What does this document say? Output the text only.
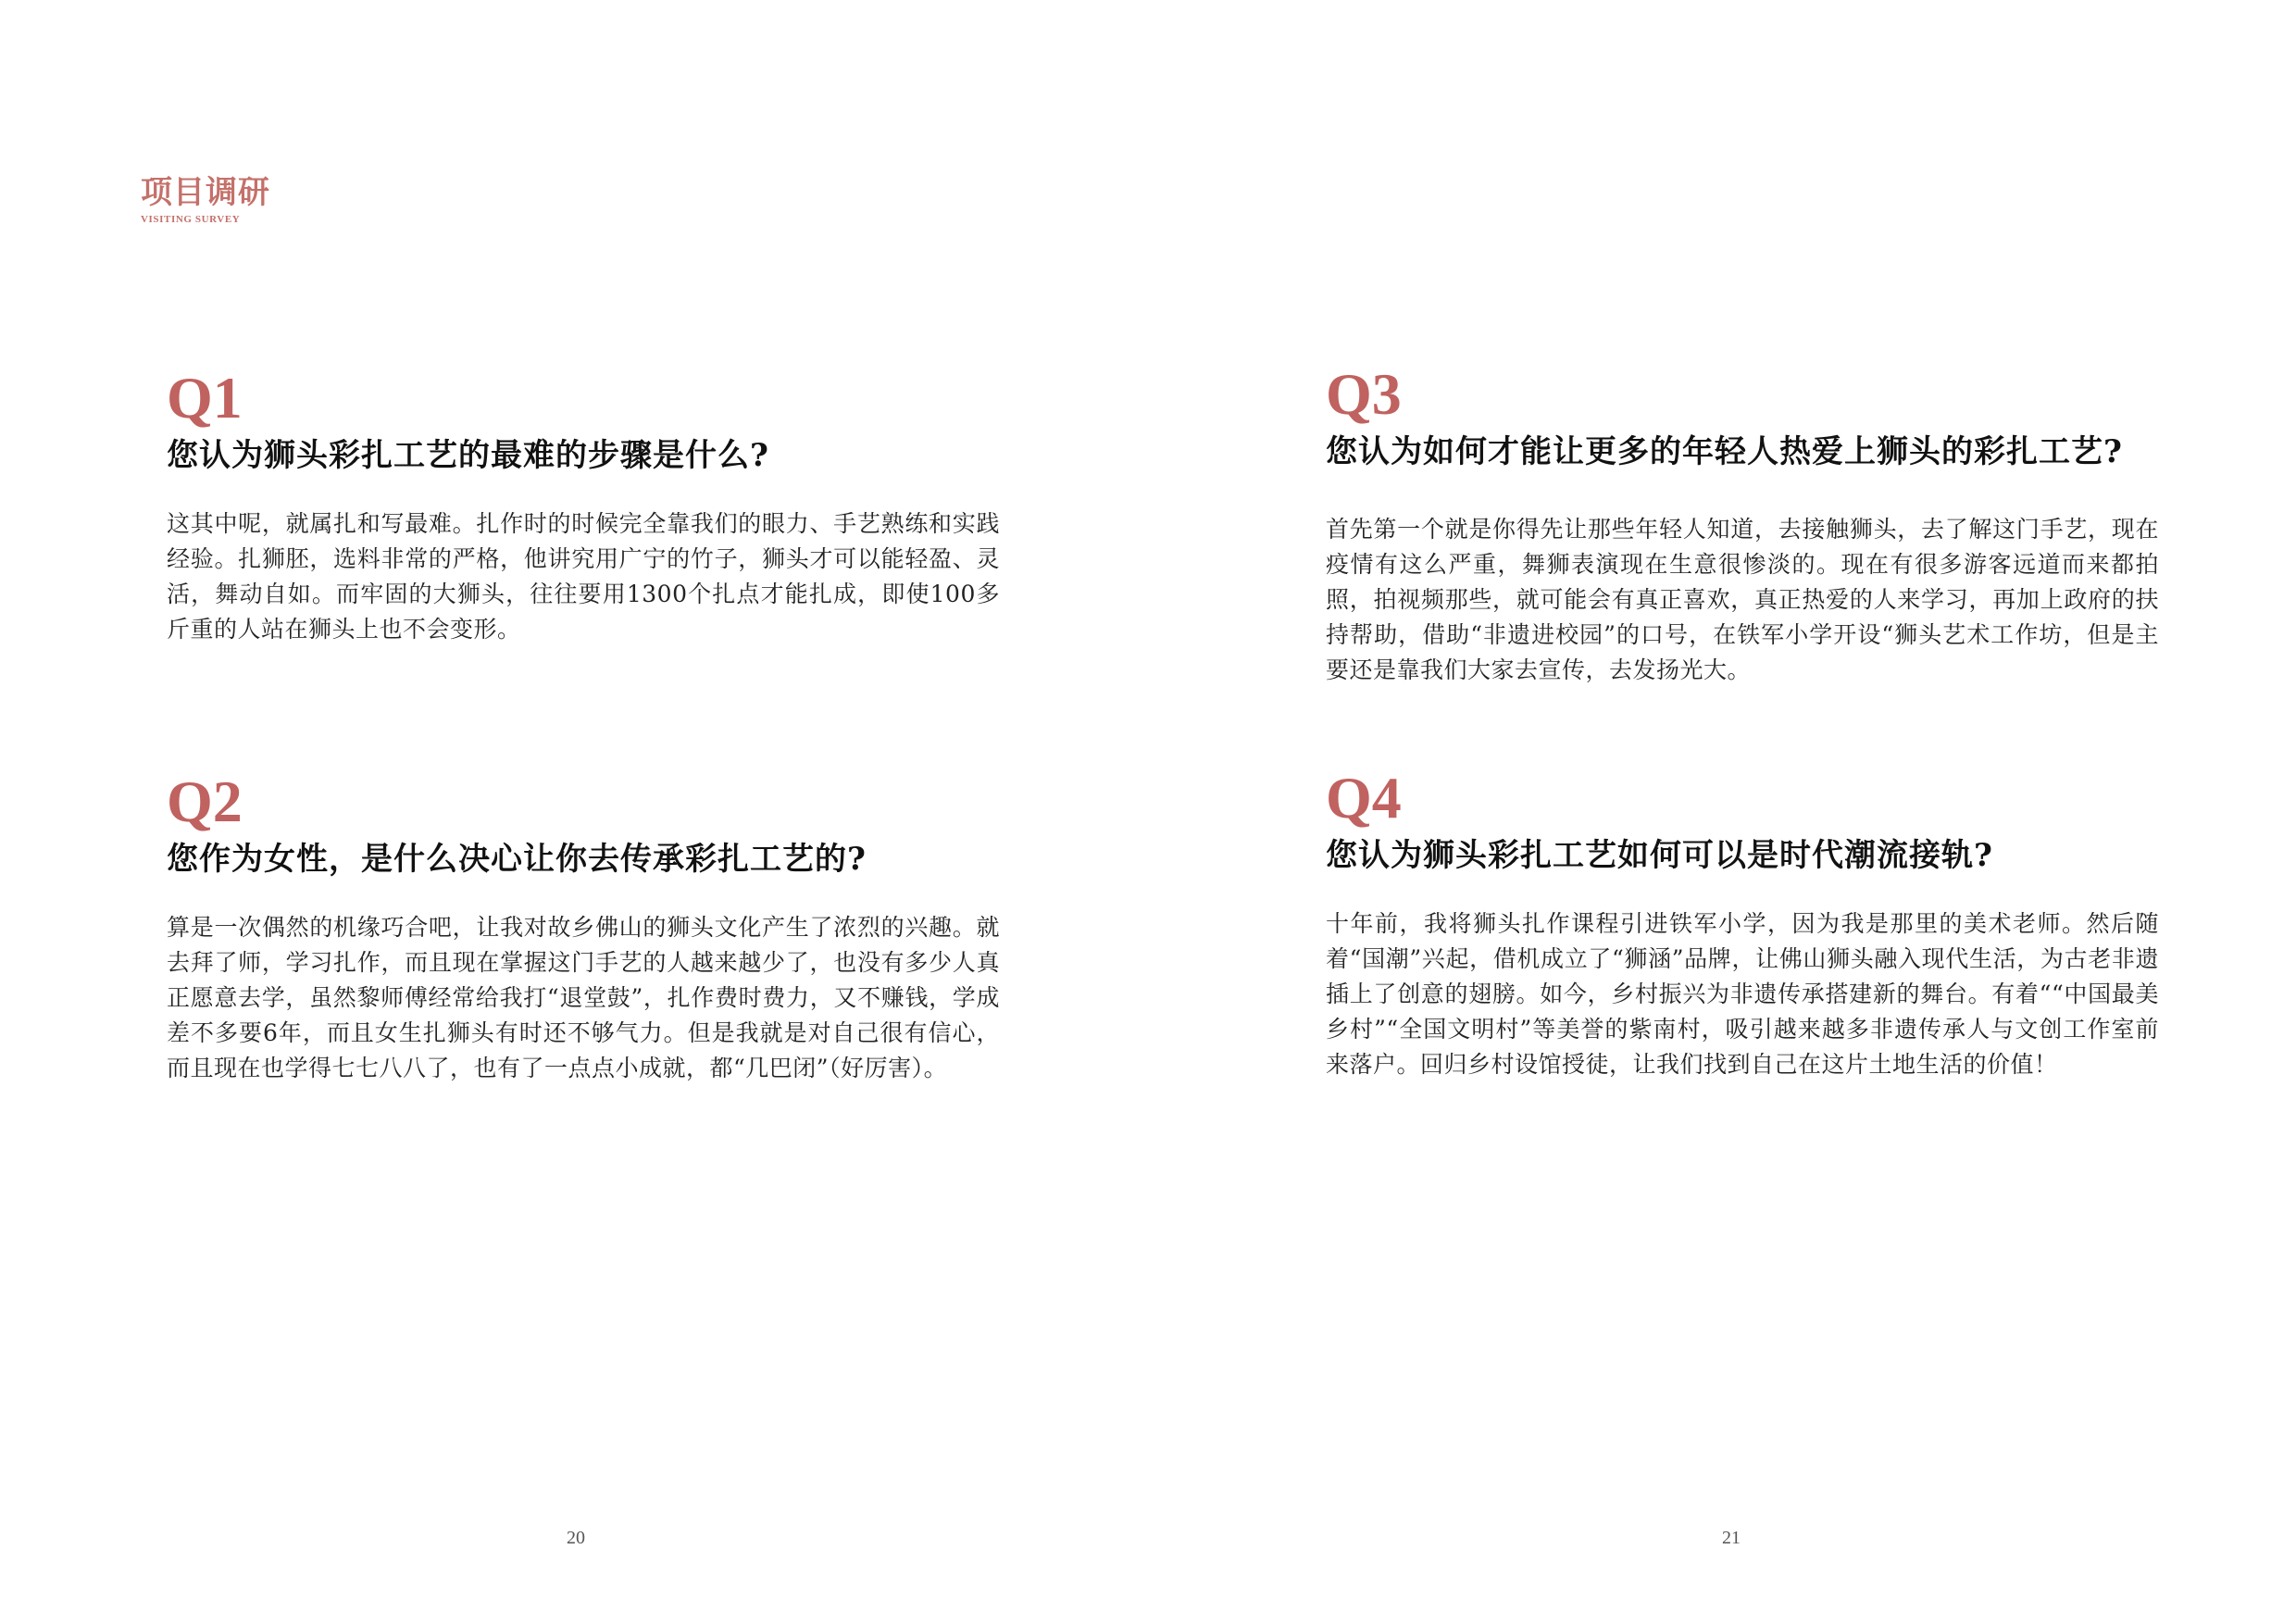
项目调研
VISITING SURVEY
Q1
您认为狮头彩扎工艺的最难的步骤是什么?
这其中呢，就属扎和写最难。扎作时的时候完全靠我们的眼力、手艺熟练和实践经验。扎狮胚，选料非常的严格，他讲究用广宁的竹子，狮头才可以能轻盈、灵活，舞动自如。而牢固的大狮头，往往要用1300个扎点才能扎成，即使100多斤重的人站在狮头上也不会变形。
Q2
您作为女性，是什么决心让你去传承彩扎工艺的?
算是一次偶然的机缘巧合吧，让我对故乡佛山的狮头文化产生了浓烈的兴趣。就去拜了师，学习扎作，而且现在掌握这门手艺的人越来越少了，也没有多少人真正愿意去学，虽然黎师傅经常给我打“退堂鼓”，扎作费时费力，又不赚钱，学成差不多要6年，而且女生扎狮头有时还不够气力。但是我就是对自己很有信心，而且现在也学得七七八八了，也有了一点点小成就，都“几巴闭”（好厉害）。
Q3
您认为如何才能让更多的年轻人热爱上狮头的彩扎工艺?
首先第一个就是你得先让那些年轻人知道，去接触狮头，去了解这门手艺，现在疫情有这么严重，舞狮表演现在生意很惨淡的。现在有很多游客远道而来都拍照，拍视频那些，就可能会有真正喜欢，真正热爱的人来学习，再加上政府的扶持帮助，借助“非遗进校园”的口号，在铁军小学开设“狮头艺术工作坊，但是主要还是靠我们大家去宣传，去发扬光大。
Q4
您认为狮头彩扎工艺如何可以是时代潮流接轨?
十年前，我将狮头扎作课程引进铁军小学，因为我是那里的美术老师。然后随着“国潮”兴起，借机成立了“狮涵”品牌，让佛山狮头融入现代生活，为古老非遗插上了创意的翅膀。如今，乡村振兴为非遗传承搭建新的舞台。有着““中国最美乡村”“全国文明村”等美誉的紫南村，吸引越来越多非遗传承人与文创工作室前来落户。回归乡村设馆授徒，让我们找到自己在这片土地生活的价值！
20	21
